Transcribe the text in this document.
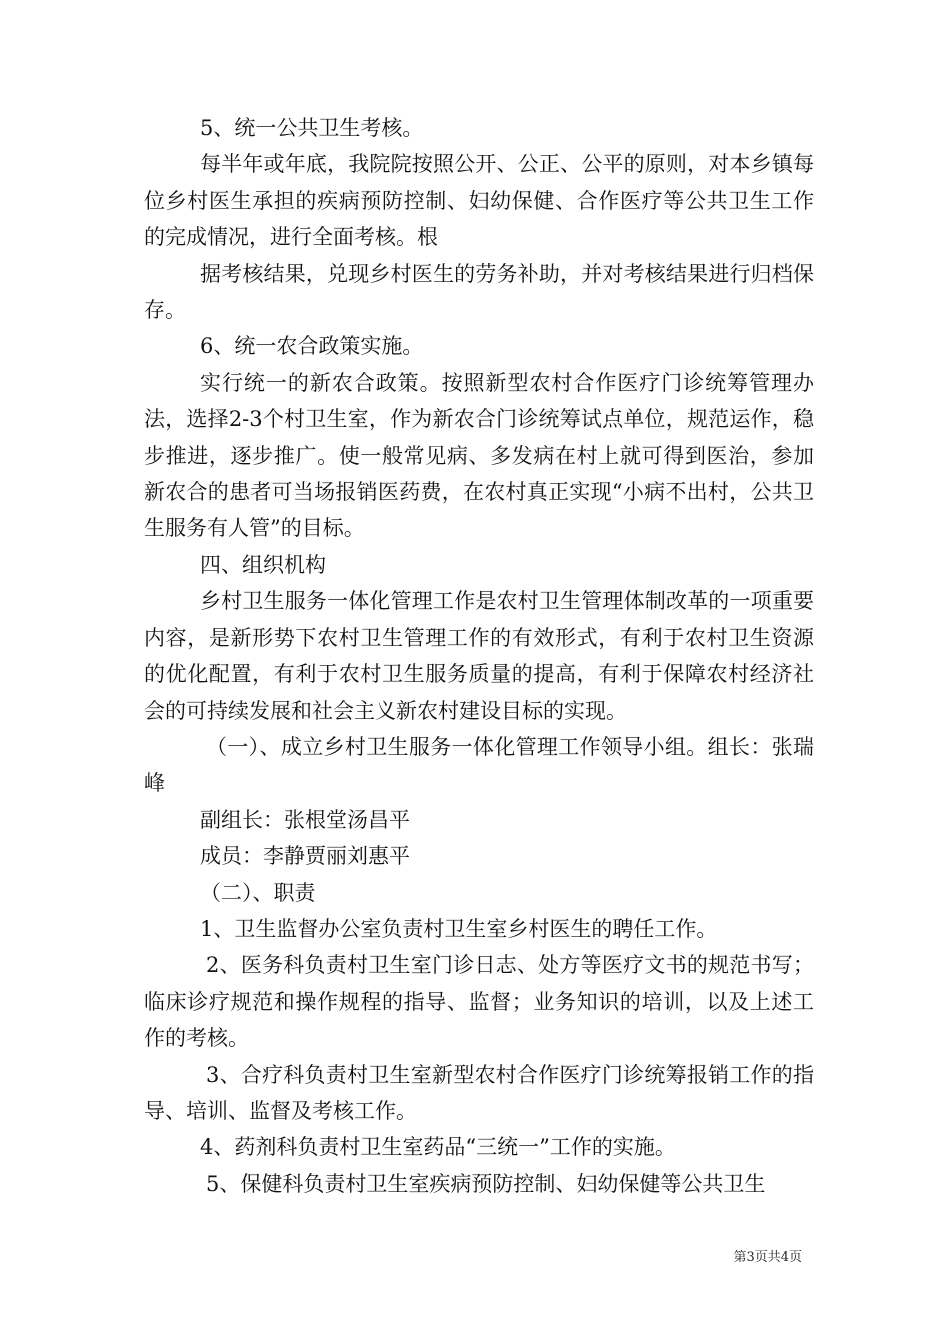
5、统一公共卫生考核。

每半年或年底，我院院按照公开、公正、公平的原则，对本乡镇每位乡村医生承担的疾病预防控制、妇幼保健、合作医疗等公共卫生工作的完成情况，进行全面考核。根

据考核结果，兑现乡村医生的劳务补助，并对考核结果进行归档保存。

6、统一农合政策实施。

实行统一的新农合政策。按照新型农村合作医疗门诊统筹管理办法，选择2-3个村卫生室，作为新农合门诊统筹试点单位，规范运作，稳步推进，逐步推广。使一般常见病、多发病在村上就可得到医治，参加新农合的患者可当场报销医药费，在农村真正实现“小病不出村，公共卫生服务有人管”的目标。

四、组织机构

乡村卫生服务一体化管理工作是农村卫生管理体制改革的一项重要内容，是新形势下农村卫生管理工作的有效形式，有利于农村卫生资源的优化配置，有利于农村卫生服务质量的提高，有利于保障农村经济社会的可持续发展和社会主义新农村建设目标的实现。

（一）、成立乡村卫生服务一体化管理工作领导小组。组长：张瑞峰

副组长：张根堂汤昌平

成员：李静贾丽刘惠平

（二）、职责

1、卫生监督办公室负责村卫生室乡村医生的聘任工作。

2、医务科负责村卫生室门诊日志、处方等医疗文书的规范书写；临床诊疗规范和操作规程的指导、监督；业务知识的培训，以及上述工作的考核。

3、合疗科负责村卫生室新型农村合作医疗门诊统筹报销工作的指导、培训、监督及考核工作。

4、药剂科负责村卫生室药品“三统一”工作的实施。

5、保健科负责村卫生室疾病预防控制、妇幼保健等公共卫生

第3页共4页
